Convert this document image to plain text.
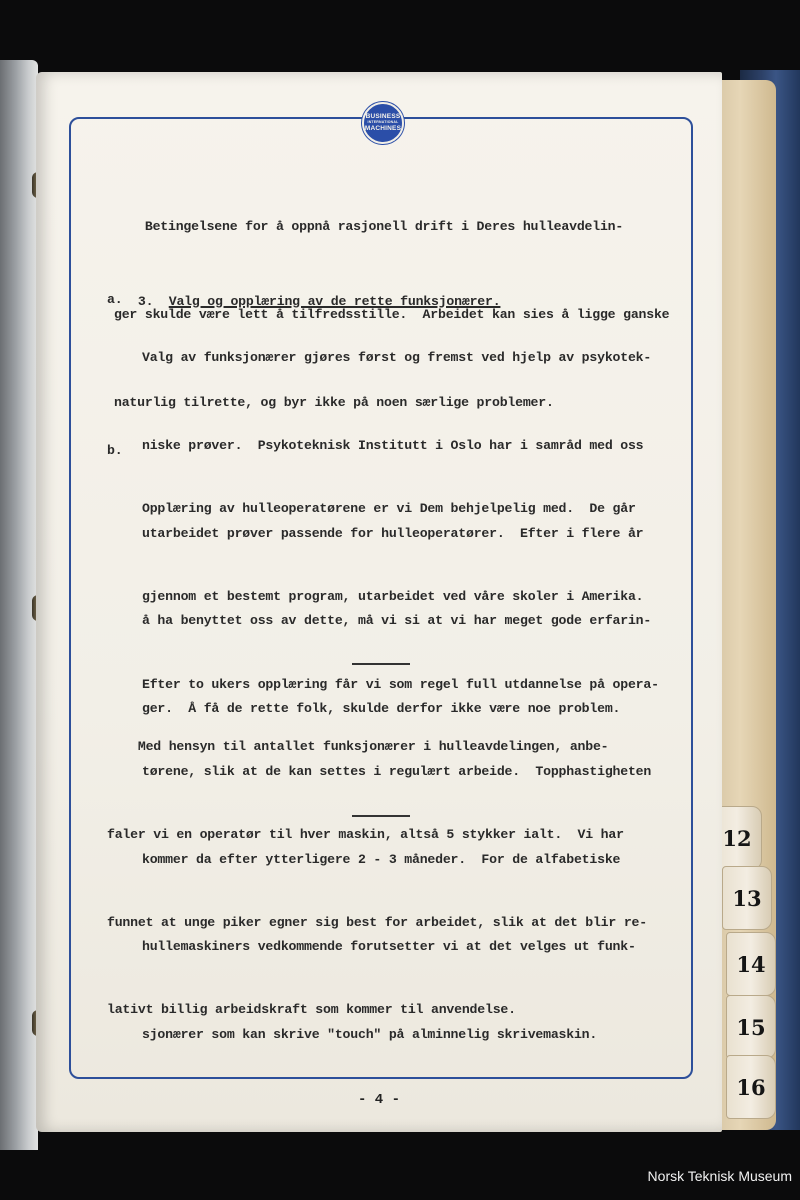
12
13
14
15
16
BUSINESS
INTERNATIONAL
MACHINES

Betingelsene for å oppnå rasjonell drift i Deres hulleavdelin-

ger skulde være lett å tilfredsstille.  Arbeidet kan sies å ligge ganske

naturlig tilrette, og byr ikke på noen særlige problemer.

3. Valg og opplæring av de rette funksjonærer.

a.

Valg av funksjonærer gjøres først og fremst ved hjelp av psykotek-

niske prøver.  Psykoteknisk Institutt i Oslo har i samråd med oss

utarbeidet prøver passende for hulleoperatører.  Efter i flere år

å ha benyttet oss av dette, må vi si at vi har meget gode erfarin-

ger.  Å få de rette folk, skulde derfor ikke være noe problem.

b.

Opplæring av hulleoperatørene er vi Dem behjelpelig med.  De går

gjennom et bestemt program, utarbeidet ved våre skoler i Amerika.

Efter to ukers opplæring får vi som regel full utdannelse på opera-

tørene, slik at de kan settes i regulært arbeide.  Topphastigheten

kommer da efter ytterligere 2 - 3 måneder.  For de alfabetiske

hullemaskiners vedkommende forutsetter vi at det velges ut funk-

sjonærer som kan skrive "touch" på alminnelig skrivemaskin.

Med hensyn til antallet funksjonærer i hulleavdelingen, anbe-

faler vi en operatør til hver maskin, altså 5 stykker ialt.  Vi har

funnet at unge piker egner sig best for arbeidet, slik at det blir re-

lativt billig arbeidskraft som kommer til anvendelse.

- 4 -
Norsk Teknisk Museum
